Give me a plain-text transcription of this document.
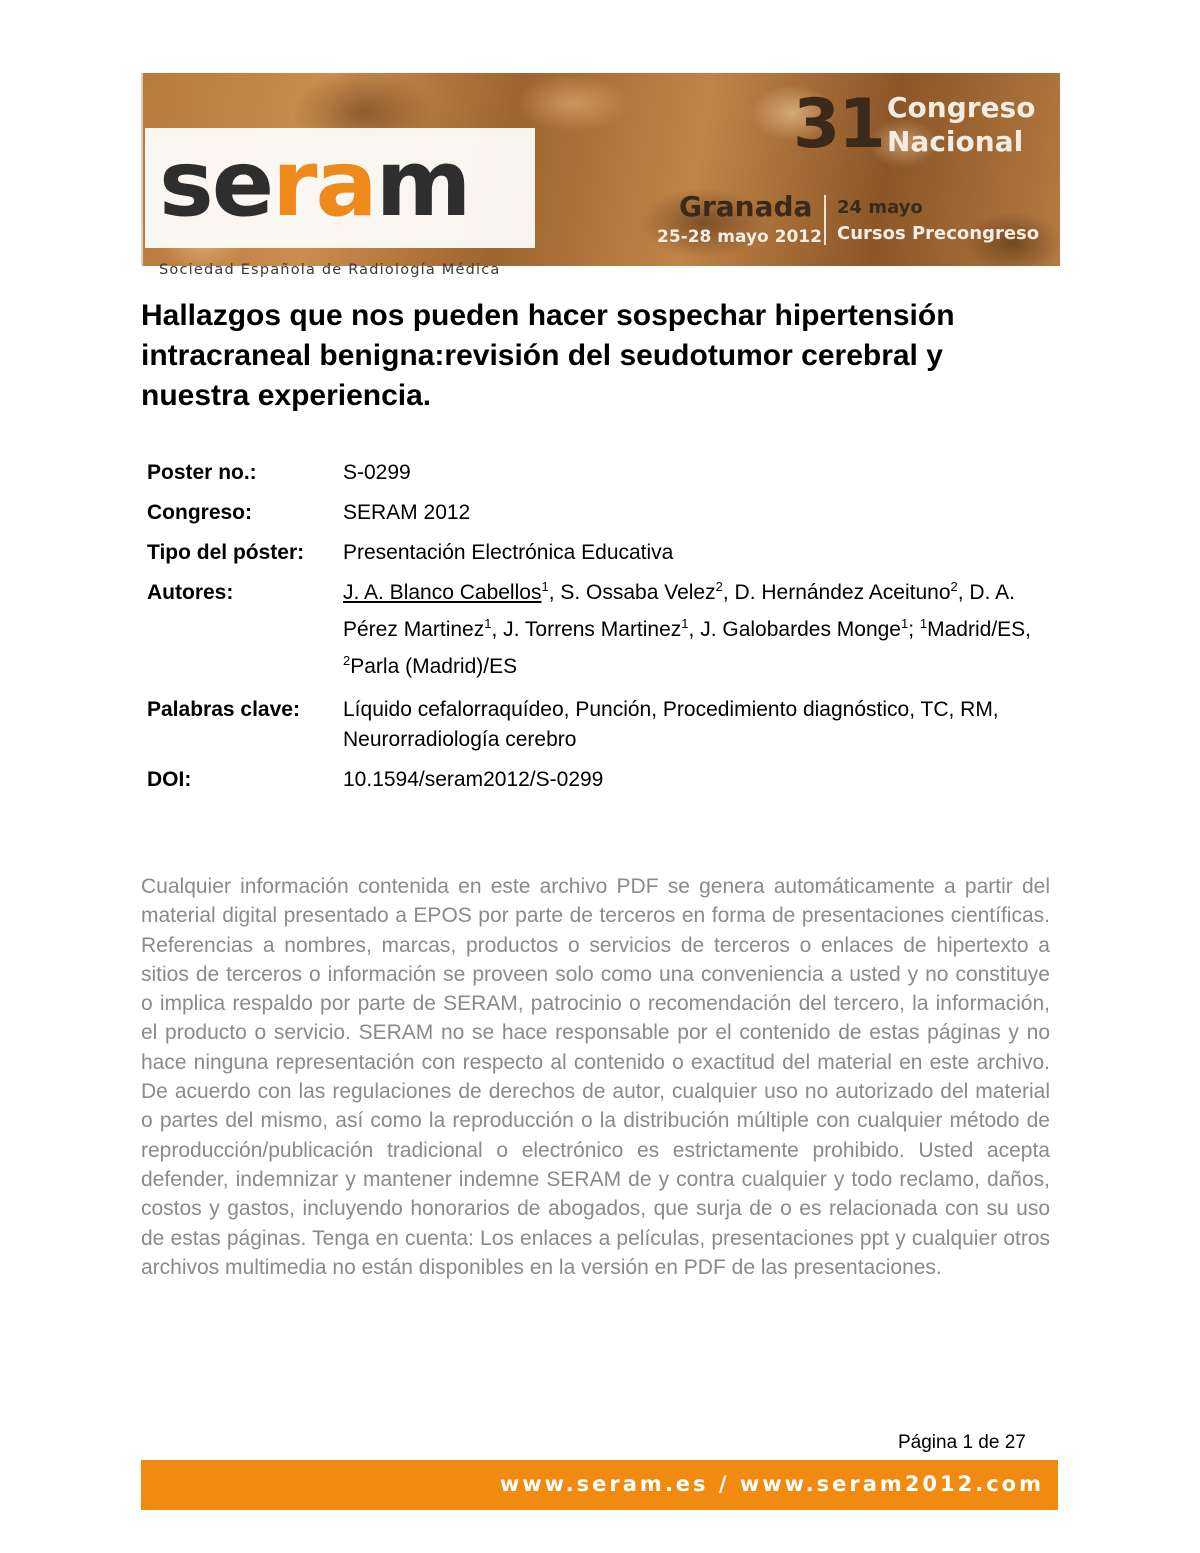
seram
Sociedad Española de Radiología Médica
31 Congreso
Nacional
Granada
25-28 mayo 2012
24 mayo
Cursos Precongreso
Hallazgos que nos pueden hacer sospechar hipertensión intracraneal benigna:revisión del seudotumor cerebral y nuestra experiencia.
Poster no.:	S-0299
Congreso:	SERAM 2012
Tipo del póster:	Presentación Electrónica Educativa
Autores:	J. A. Blanco Cabellos$^1$, S. Ossaba Velez$^2$, D. Hernández Aceituno$^2$, D. A. Pérez Martinez$^1$, J. Torrens Martinez$^1$, J. Galobardes Monge$^1$; $^1$Madrid/ES, $^2$Parla (Madrid)/ES
Palabras clave:	Líquido cefalorraquídeo, Punción, Procedimiento diagnóstico, TC, RM, Neurorradiología cerebro
DOI:	10.1594/seram2012/S-0299

Cualquier información contenida en este archivo PDF se genera automáticamente a partir del material digital presentado a EPOS por parte de terceros en forma de presentaciones científicas. Referencias a nombres, marcas, productos o servicios de terceros o enlaces de hipertexto a sitios de terceros o información se proveen solo como una conveniencia a usted y no constituye o implica respaldo por parte de SERAM, patrocinio o recomendación del tercero, la información, el producto o servicio. SERAM no se hace responsable por el contenido de estas páginas y no hace ninguna representación con respecto al contenido o exactitud del material en este archivo. De acuerdo con las regulaciones de derechos de autor, cualquier uso no autorizado del material o partes del mismo, así como la reproducción o la distribución múltiple con cualquier método de reproducción/publicación tradicional o electrónico es estrictamente prohibido. Usted acepta defender, indemnizar y mantener indemne SERAM de y contra cualquier y todo reclamo, daños, costos y gastos, incluyendo honorarios de abogados, que surja de o es relacionada con su uso de estas páginas. Tenga en cuenta: Los enlaces a películas, presentaciones ppt y cualquier otros archivos multimedia no están disponibles en la versión en PDF de las presentaciones.

Página 1 de 27
www.seram.es / www.seram2012.com
